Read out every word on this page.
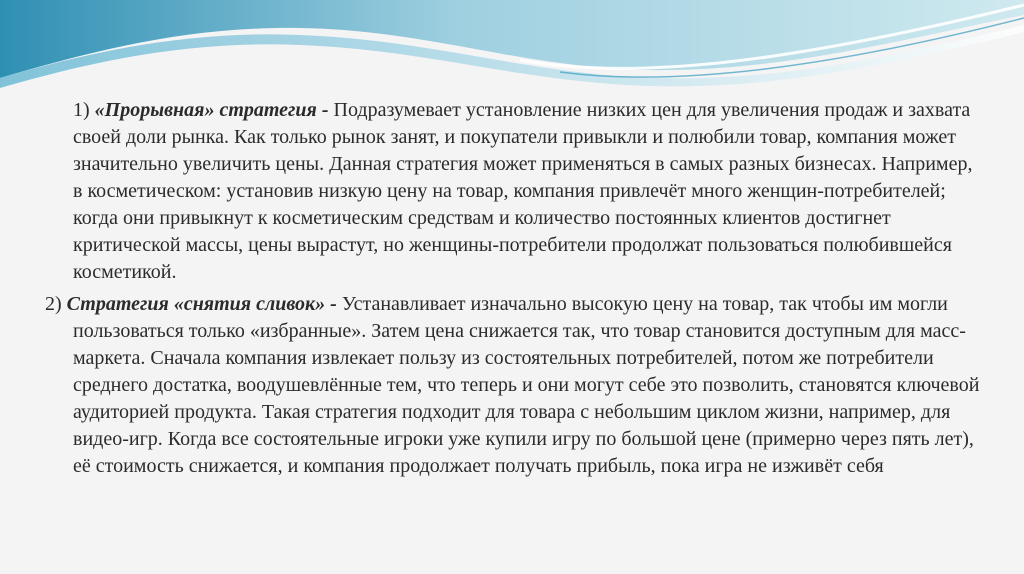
1) «Прорывная» стратегия - Подразумевает установление низких цен для увеличения продаж и захвата своей доли рынка. Как только рынок занят, и покупатели привыкли и полюбили товар, компания может значительно увеличить цены. Данная стратегия может применяться в самых разных бизнесах. Например, в косметическом: установив низкую цену на товар, компания привлечёт много женщин-потребителей; когда они привыкнут к косметическим средствам и количество постоянных клиентов достигнет критической массы, цены вырастут, но женщины-потребители продолжат пользоваться полюбившейся косметикой.

2) Стратегия «снятия сливок» - Устанавливает изначально высокую цену на товар, так чтобы им могли пользоваться только «избранные». Затем цена снижается так, что товар становится доступным для масс-маркета. Сначала компания извлекает пользу из состоятельных потребителей, потом же потребители среднего достатка, воодушевлённые тем, что теперь и они могут себе это позволить, становятся ключевой аудиторией продукта. Такая стратегия подходит для товара с небольшим циклом жизни, например, для видео-игр. Когда все состоятельные игроки уже купили игру по большой цене (примерно через пять лет), её стоимость снижается, и компания продолжает получать прибыль, пока игра не изживёт себя
